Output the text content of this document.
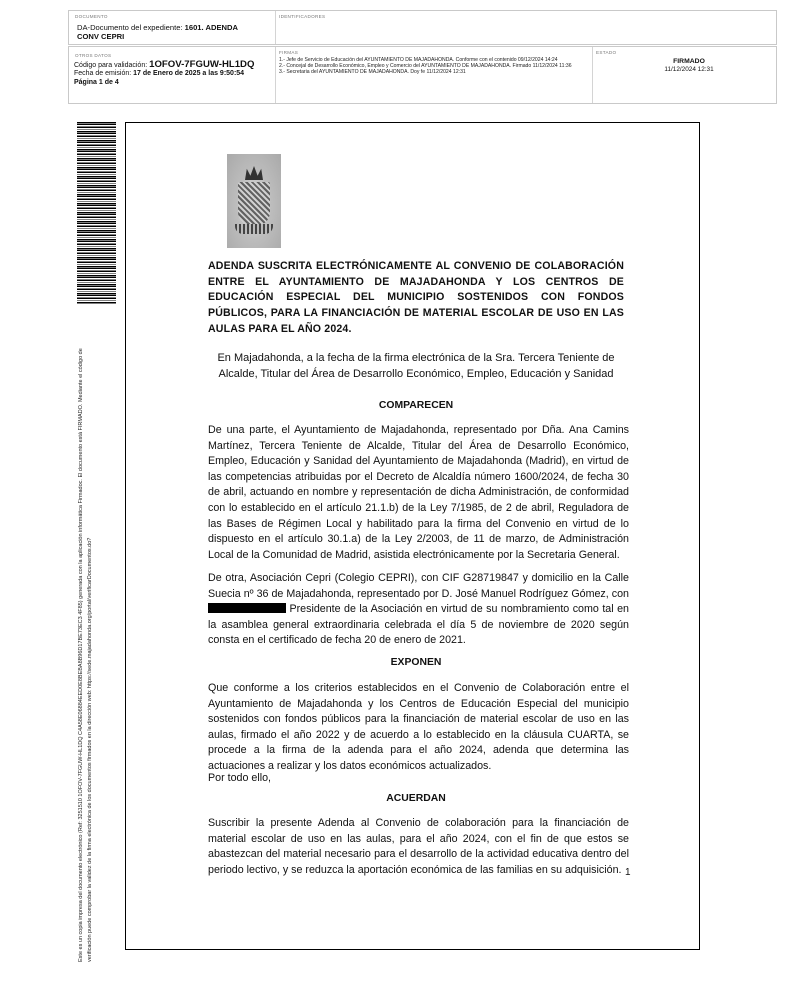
DOCUMENTO	IDENTIFICADORES
DA-Documento del expediente: 1601. ADENDA
CONV CEPRI
OTROS DATOS
Código para validación: 1OFOV-7FGUW-HL1DQ
Fecha de emisión: 17 de Enero de 2025 a las 9:50:54
Página 1 de 4
FIRMAS
1.- Jefe de Servicio de Educación del AYUNTAMIENTO DE MAJADAHONDA. Conforme con el contenido 09/12/2024 14:24
2.- Concejal de Desarrollo Económico, Empleo y Comercio del AYUNTAMIENTO DE MAJADAHONDA. Firmado 11/12/2024 11:36
3.- Secretaria del AYUNTAMIENTO DE MAJADAHONDA. Doy fe 11/12/2024 12:31
ESTADO
FIRMADO
11/12/2024 12:31
Este es un copia impresa del documento electrónico (Ref: 3251510 1OFOV-7FGUW-HL1DQ C4A58E06884EED0E8BEBA8B96D17BE73EC3 4F85) generada con la aplicación informática Firmadoc. El documento está FIRMADO. Mediante el código de verificación puede comprobar la validez de la firma electrónica de los documentos firmados en la dirección web: https://sede.majadahonda.org/portal/verificarDocumentos.do?
ADENDA SUSCRITA ELECTRÓNICAMENTE AL CONVENIO DE COLABORACIÓN ENTRE EL AYUNTAMIENTO DE MAJADAHONDA Y LOS CENTROS DE EDUCACIÓN ESPECIAL DEL MUNICIPIO SOSTENIDOS CON FONDOS PÚBLICOS, PARA LA FINANCIACIÓN DE MATERIAL ESCOLAR DE USO EN LAS AULAS PARA EL AÑO 2024.
En Majadahonda, a la fecha de la firma electrónica de la Sra. Tercera Teniente de Alcalde, Titular del Área de Desarrollo Económico, Empleo, Educación y Sanidad
COMPARECEN
De una parte, el Ayuntamiento de Majadahonda, representado por Dña. Ana Camins Martínez, Tercera Teniente de Alcalde, Titular del Área de Desarrollo Económico, Empleo, Educación y Sanidad del Ayuntamiento de Majadahonda (Madrid), en virtud de las competencias atribuidas por el Decreto de Alcaldía número 1600/2024, de fecha 30 de abril, actuando en nombre y representación de dicha Administración, de conformidad con lo establecido en el artículo 21.1.b) de la Ley 7/1985, de 2 de abril, Reguladora de las Bases de Régimen Local y habilitado para la firma del Convenio en virtud de lo dispuesto en el artículo 30.1.a) de la Ley 2/2003, de 11 de marzo, de Administración Local de la Comunidad de Madrid, asistida electrónicamente por la Secretaria General.
De otra, Asociación Cepri (Colegio CEPRI), con CIF G28719847 y domicilio en la Calle Suecia nº 36 de Majadahonda, representado por D. José Manuel Rodríguez Gómez, con  Presidente de la Asociación en virtud de su nombramiento como tal en la asamblea general extraordinaria celebrada el día 5 de noviembre de 2020 según consta en el certificado de fecha 20 de enero de 2021.
EXPONEN
Que conforme a los criterios establecidos en el Convenio de Colaboración entre el Ayuntamiento de Majadahonda y los Centros de Educación Especial del municipio sostenidos con fondos públicos para la financiación de material escolar de uso en las aulas, firmado el año 2022 y de acuerdo a lo establecido en la cláusula CUARTA, se procede a la firma de la adenda para el año 2024, adenda que determina las actuaciones a realizar y los datos económicos actualizados.
Por todo ello,
ACUERDAN
Suscribir la presente Adenda al Convenio de colaboración para la financiación de material escolar de uso en las aulas, para el año 2024, con el fin de que estos se abastezcan del material necesario para el desarrollo de la actividad educativa dentro del periodo lectivo, y se reduzca la aportación económica de las familias en su adquisición. 1
